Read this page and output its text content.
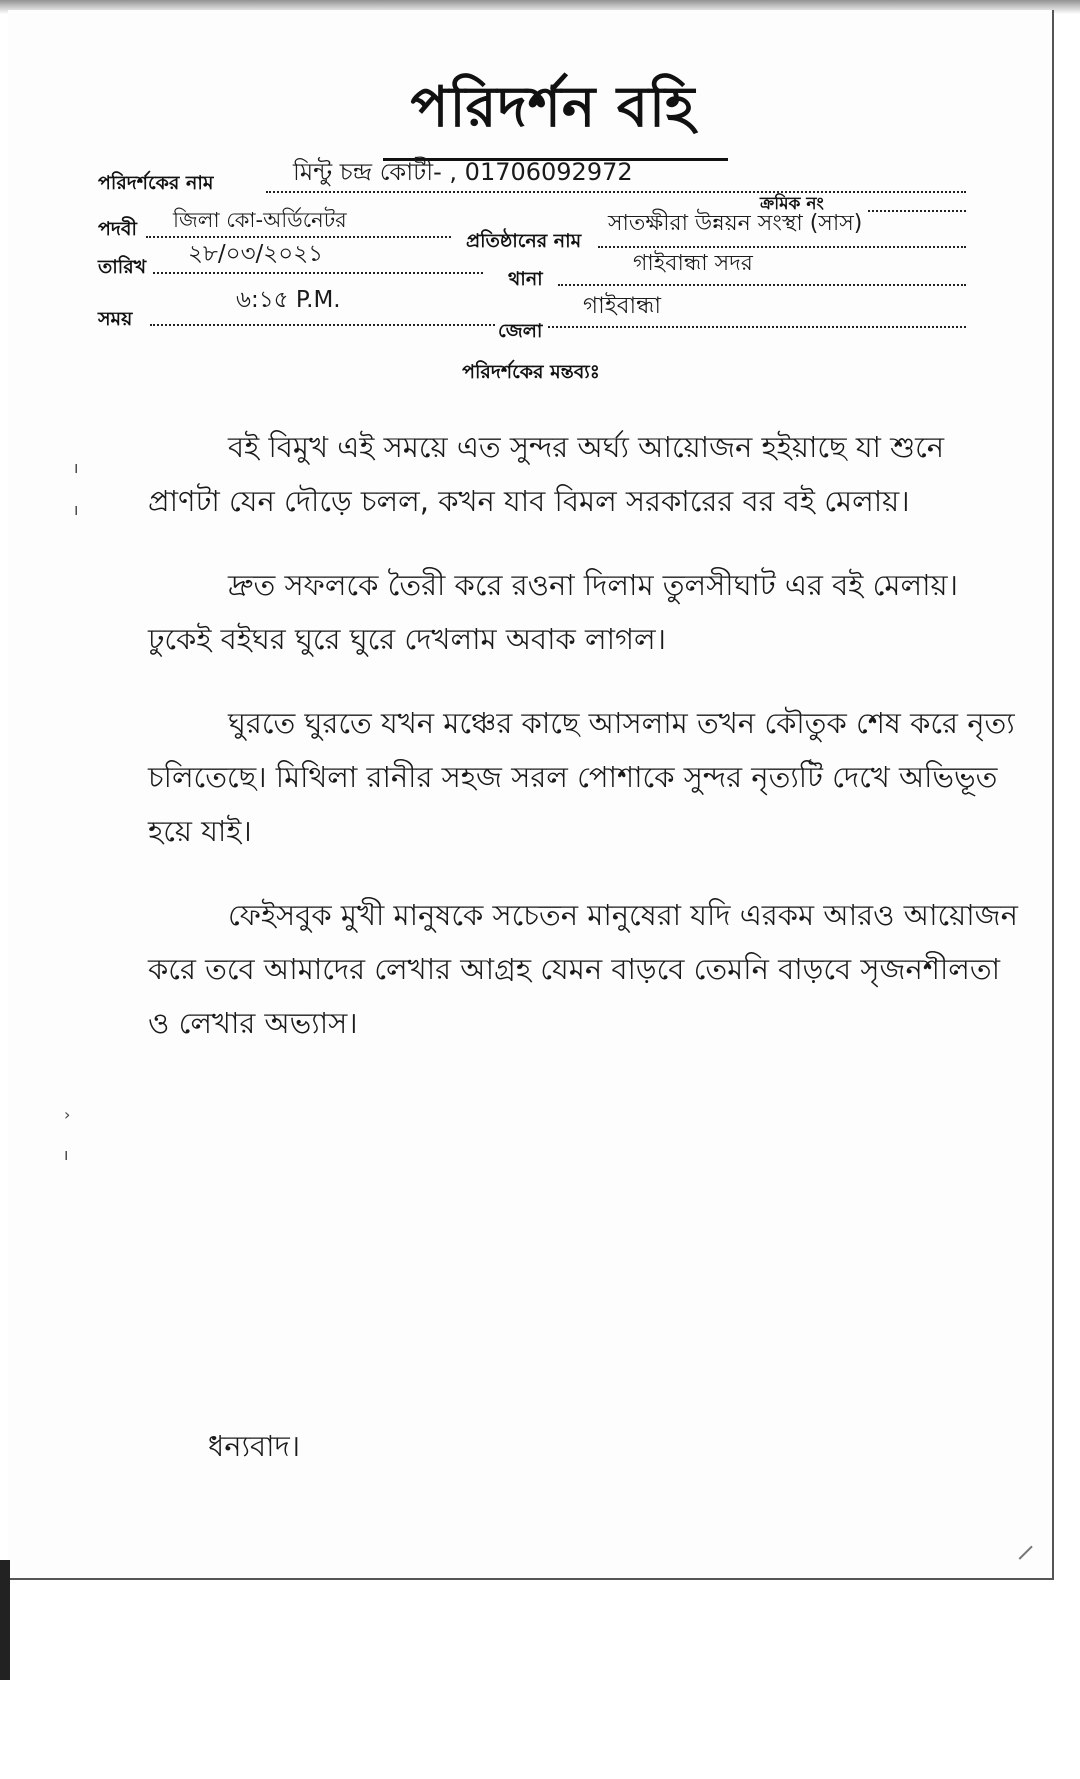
পরিদর্শন বহি
পরিদর্শকের নাম	মিন্টু চন্দ্র কোটী- , 01706092972
ক্রমিক নং
পদবী জিলা কো-অর্ডিনেটর
প্রতিষ্ঠানের নাম
সাতক্ষীরা উন্নয়ন সংস্থা (সাস)
তারিখ ২৮/০৩/২০২১
থানা
গাইবান্ধা সদর
সময়
৬:১৫ P.M.
জেলা
গাইবান্ধা
পরিদর্শকের মন্তব্যঃ

বই বিমুখ এই সময়ে এত সুন্দর অর্ঘ্য আয়োজন হইয়াছে যা শুনে প্রাণটা যেন দৌড়ে চলল, কখন যাব বিমল সরকারের বর বই মেলায়।

দ্রুত সফলকে তৈরী করে রওনা দিলাম তুলসীঘাট এর বই মেলায়। ঢুকেই বইঘর ঘুরে ঘুরে দেখলাম অবাক লাগল।

ঘুরতে ঘুরতে যখন মঞ্চের কাছে আসলাম তখন কৌতুক শেষ করে নৃত্য চলিতেছে। মিথিলা রানীর সহজ সরল পোশাকে সুন্দর নৃত্যটি দেখে অভিভূত হয়ে যাই।

ফেইসবুক মুখী মানুষকে সচেতন মানুষেরা যদি এরকম আরও আয়োজন করে তবে আমাদের লেখার আগ্রহ যেমন বাড়বে তেমনি বাড়বে সৃজনশীলতা ও লেখার অভ্যাস।

ধন্যবাদ।
ı
ı
›
ı
